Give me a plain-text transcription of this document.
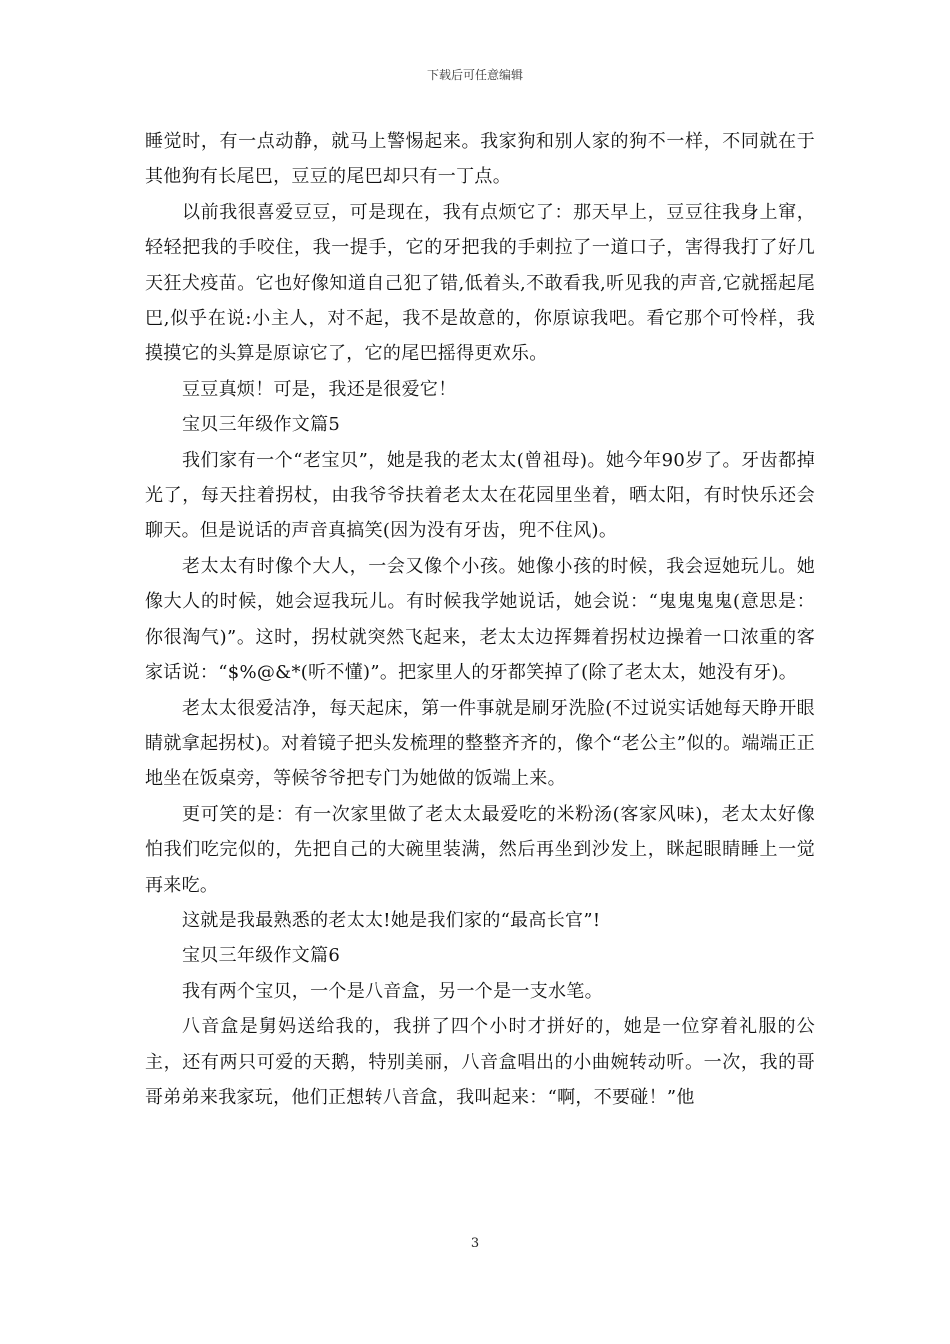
下载后可任意编辑

睡觉时，有一点动静，就马上警惕起来。我家狗和别人家的狗不一样，不同就在于其他狗有长尾巴，豆豆的尾巴却只有一丁点。

以前我很喜爱豆豆，可是现在，我有点烦它了：那天早上，豆豆往我身上窜，轻轻把我的手咬住，我一提手，它的牙把我的手剌拉了一道口子，害得我打了好几天狂犬疫苗。它也好像知道自己犯了错,低着头,不敢看我,听见我的声音,它就摇起尾巴,似乎在说:小主人，对不起，我不是故意的，你原谅我吧。看它那个可怜样，我摸摸它的头算是原谅它了，它的尾巴摇得更欢乐。

豆豆真烦！可是，我还是很爱它！

宝贝三年级作文篇5

我们家有一个“老宝贝”，她是我的老太太(曾祖母)。她今年90岁了。牙齿都掉光了，每天拄着拐杖，由我爷爷扶着老太太在花园里坐着，晒太阳，有时快乐还会聊天。但是说话的声音真搞笑(因为没有牙齿，兜不住风)。

老太太有时像个大人，一会又像个小孩。她像小孩的时候，我会逗她玩儿。她像大人的时候，她会逗我玩儿。有时候我学她说话，她会说：“鬼鬼鬼鬼(意思是：你很淘气)”。这时，拐杖就突然飞起来，老太太边挥舞着拐杖边操着一口浓重的客家话说：“$%@&*(听不懂)”。把家里人的牙都笑掉了(除了老太太，她没有牙)。

老太太很爱洁净，每天起床，第一件事就是刷牙洗脸(不过说实话她每天睁开眼睛就拿起拐杖)。对着镜子把头发梳理的整整齐齐的，像个“老公主”似的。端端正正地坐在饭桌旁，等候爷爷把专门为她做的饭端上来。

更可笑的是：有一次家里做了老太太最爱吃的米粉汤(客家风味)，老太太好像怕我们吃完似的，先把自己的大碗里装满，然后再坐到沙发上，眯起眼睛睡上一觉再来吃。

这就是我最熟悉的老太太!她是我们家的“最高长官”!

宝贝三年级作文篇6

我有两个宝贝，一个是八音盒，另一个是一支水笔。

八音盒是舅妈送给我的，我拼了四个小时才拼好的，她是一位穿着礼服的公主，还有两只可爱的天鹅，特别美丽，八音盒唱出的小曲婉转动听。一次，我的哥哥弟弟来我家玩，他们正想转八音盒，我叫起来：“啊，不要碰！”他

3
